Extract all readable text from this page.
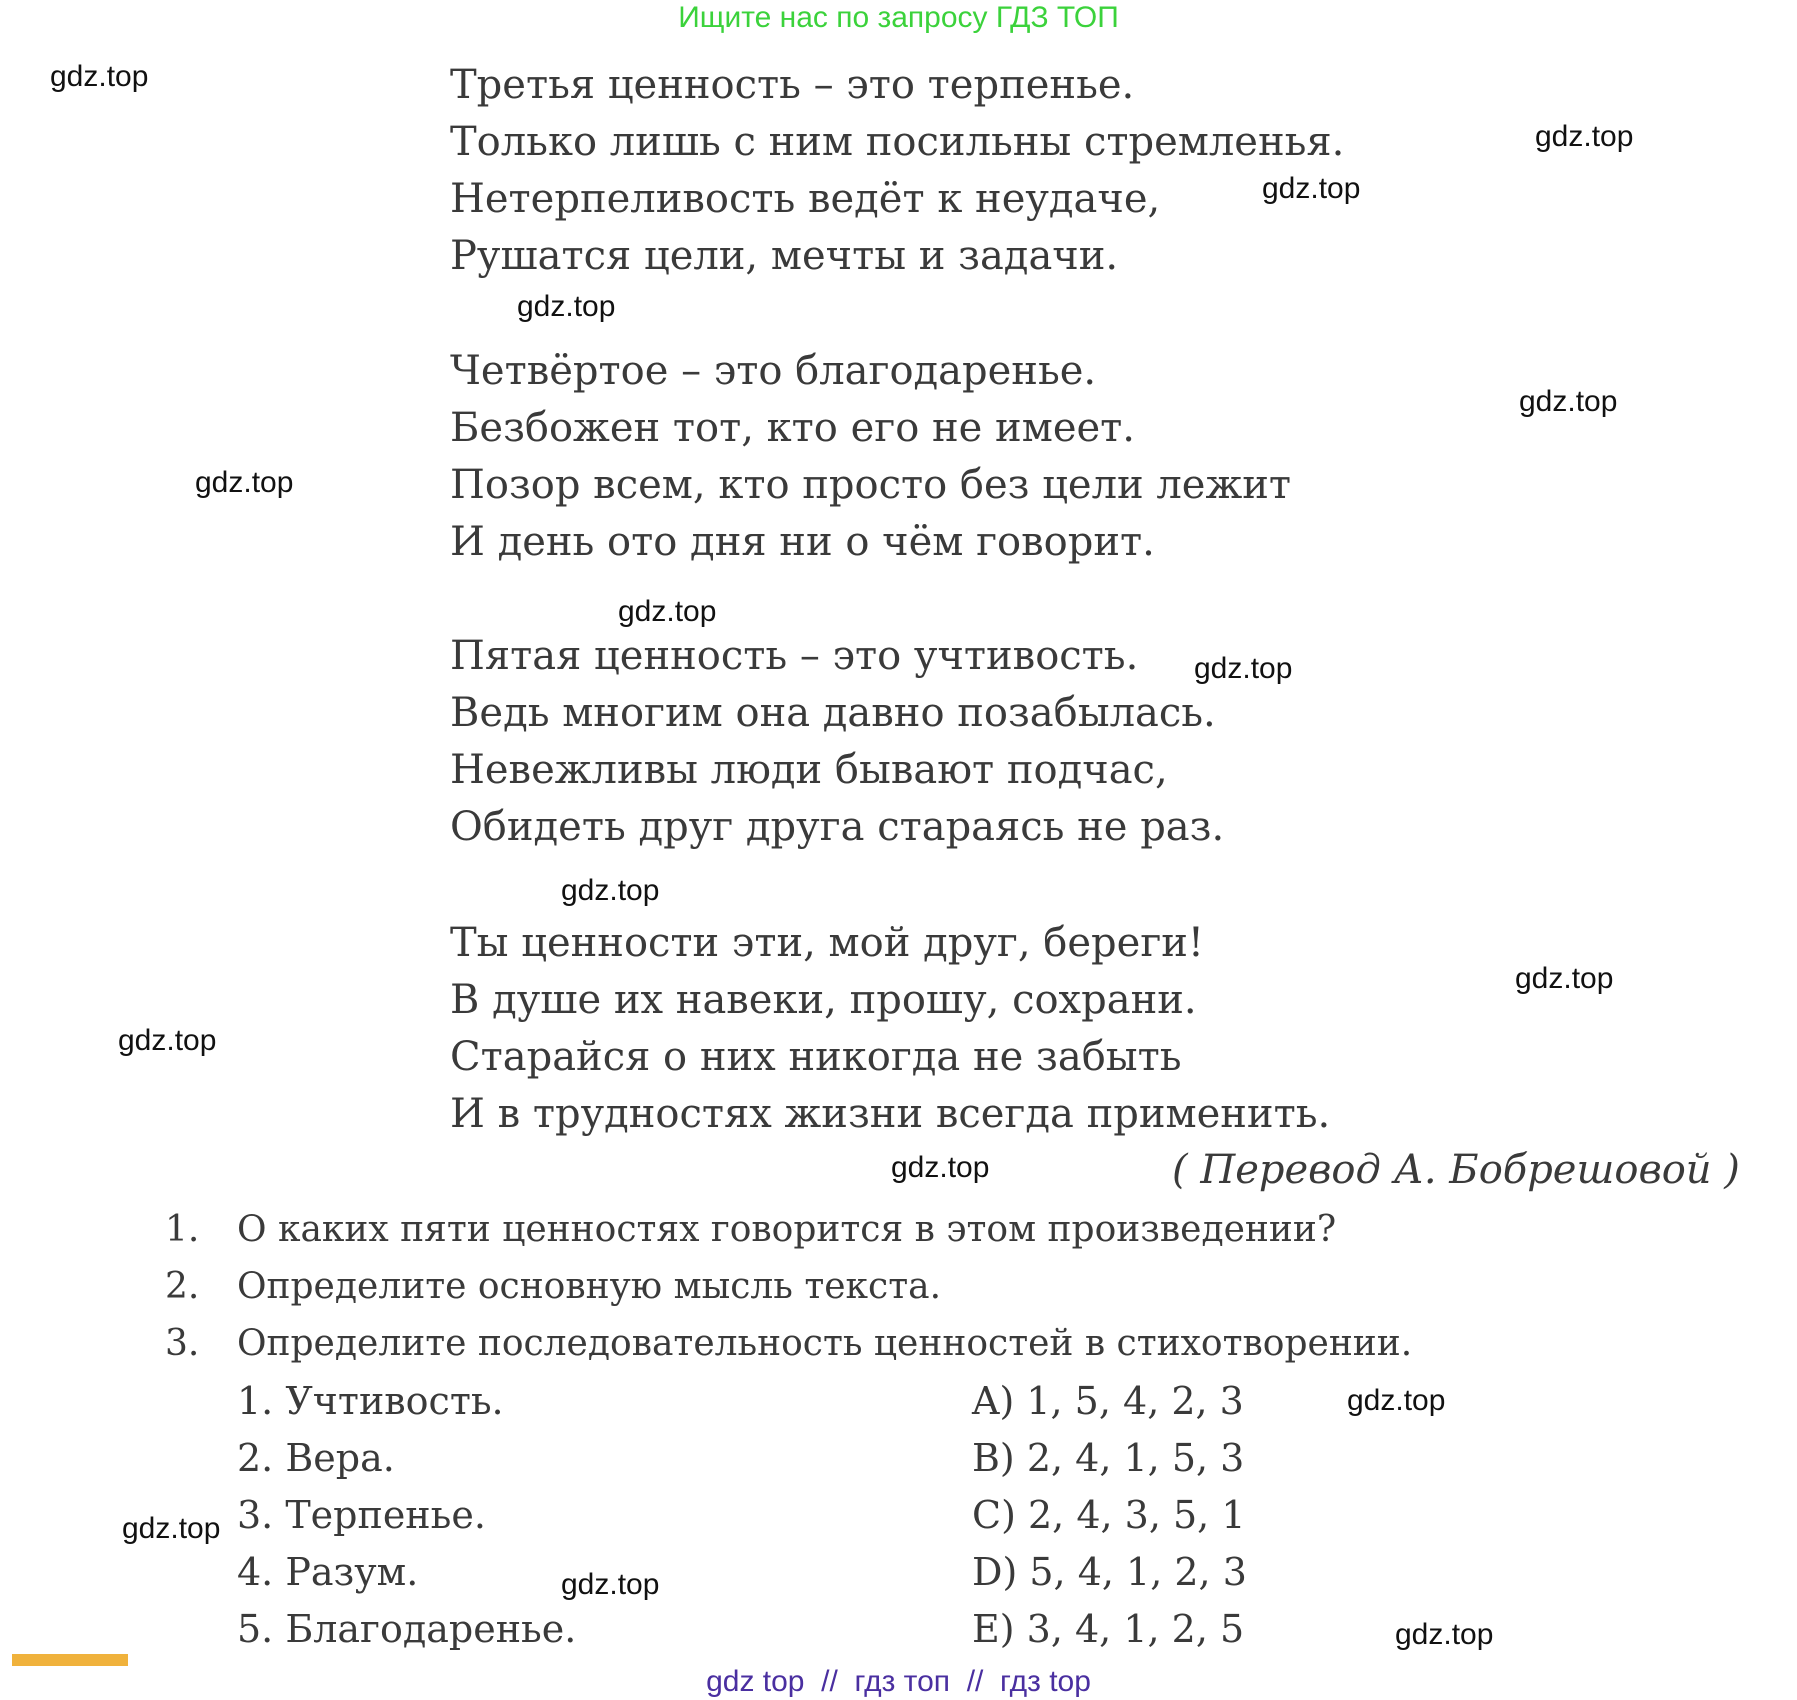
Ищите нас по запросу ГДЗ ТОП
Третья ценность – это терпенье.
Только лишь с ним посильны стремленья.
Нетерпеливость ведёт к неудаче,
Рушатся цели, мечты и задачи.
Четвёртое – это благодаренье.
Безбожен тот, кто его не имеет.
Позор всем, кто просто без цели лежит
И день ото дня ни о чём говорит.
Пятая ценность – это учтивость.
Ведь многим она давно позабылась.
Невежливы люди бывают подчас,
Обидеть друг друга стараясь не раз.
Ты ценности эти, мой друг, береги!
В душе их навеки, прошу, сохрани.
Старайся о них никогда не забыть
И в трудностях жизни всегда применить.
( Перевод А. Бобрешовой )
1. О каких пяти ценностях говорится в этом произведении?
2. Определите основную мысль текста.
3. Определите последовательность ценностей в стихотворении.
1. Учтивость.
2. Вера.
3. Терпенье.
4. Разум.
5. Благодаренье.
A) 1, 5, 4, 2, 3
B) 2, 4, 1, 5, 3
C) 2, 4, 3, 5, 1
D) 5, 4, 1, 2, 3
E) 3, 4, 1, 2, 5
gdz.top
gdz.top
gdz.top
gdz.top
gdz.top
gdz.top
gdz.top
gdz.top
gdz.top
gdz.top
gdz.top
gdz.top
gdz.top
gdz.top
gdz.top
gdz.top
gdz top  //  гдз топ  //  гдз top
